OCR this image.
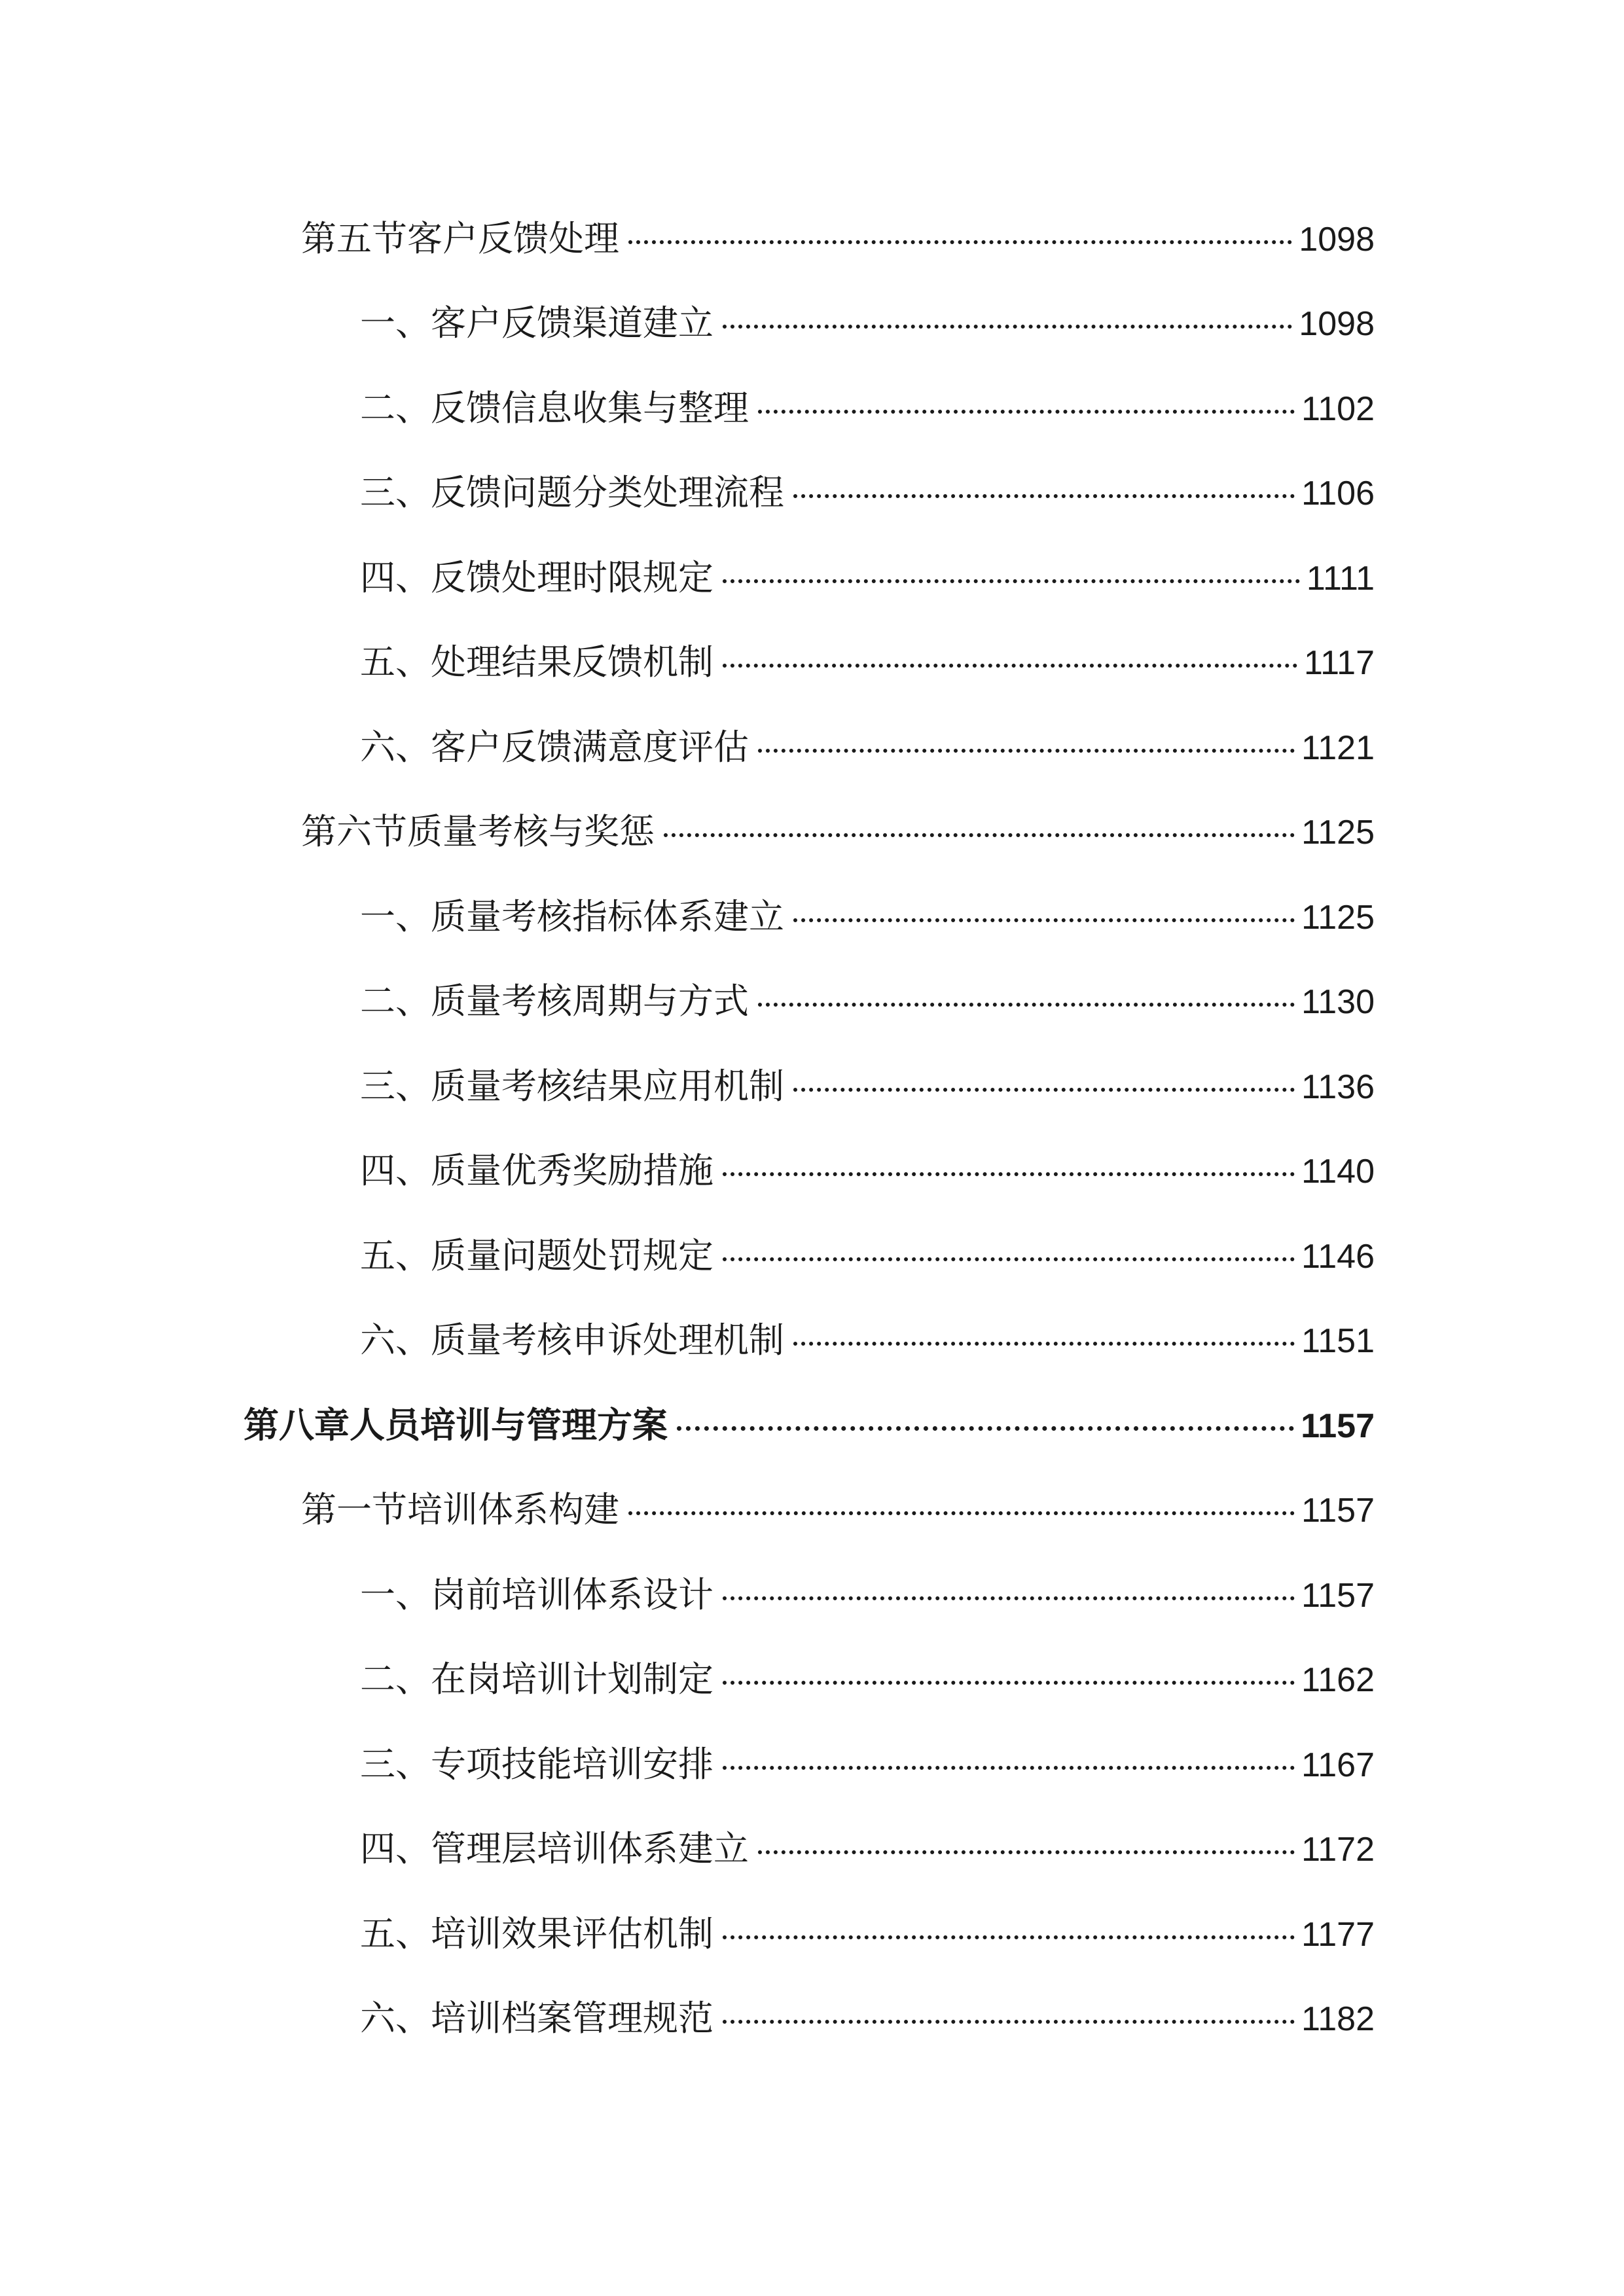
第五节客户反馈处理	1098
一、客户反馈渠道建立	1098
二、反馈信息收集与整理	1102
三、反馈问题分类处理流程	1106
四、反馈处理时限规定	1111
五、处理结果反馈机制	1117
六、客户反馈满意度评估	1121
第六节质量考核与奖惩	1125
一、质量考核指标体系建立	1125
二、质量考核周期与方式	1130
三、质量考核结果应用机制	1136
四、质量优秀奖励措施	1140
五、质量问题处罚规定	1146
六、质量考核申诉处理机制	1151
第八章人员培训与管理方案	1157
第一节培训体系构建	1157
一、岗前培训体系设计	1157
二、在岗培训计划制定	1162
三、专项技能培训安排	1167
四、管理层培训体系建立	1172
五、培训效果评估机制	1177
六、培训档案管理规范	1182
